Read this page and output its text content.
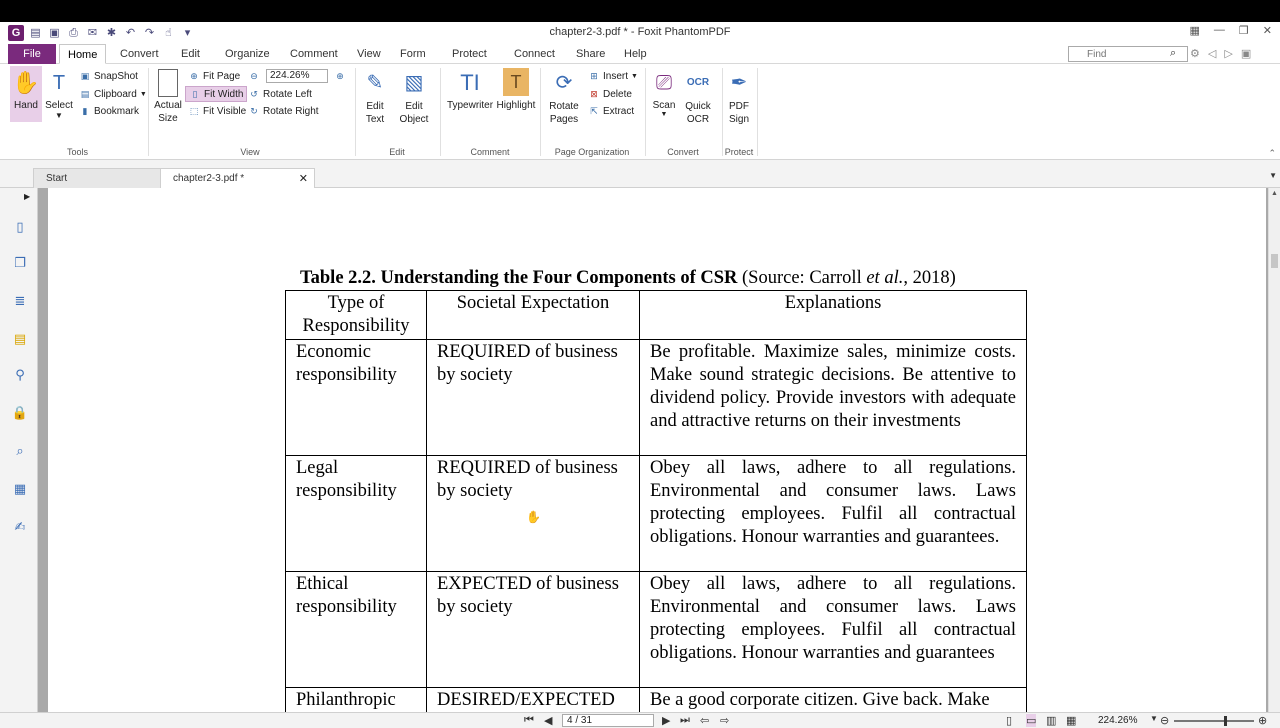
G ▤ ▣ ⎙ ✉ ✱ ↶ ↷	☝	▾	chapter2-3.pdf * - Foxit PhantomPDF	▦ — ❐ ✕
File	Home	Convert	Edit	Organize	Comment	View	Form	Protect	Connect	Share	Help
Find	⌕ ⚙ ◁ ▷ ▣
✋
Hand
T
Select
▼
▣ SnapShot
▤ Clipboard ▼
▮ Bookmark
Tools
Actual Size
⊕ Fit Page
▯ Fit Width
⬚ Fit Visible
⊖	224.26%	⊕
↺ Rotate Left
↻ Rotate Right
View
✎
Edit Text
▧
Edit Object
Edit
TI
Typewriter
T
Highlight
Comment
⟳
Rotate Pages
⊞ Insert ▼
⊠ Delete
⇱ Extract
Page Organization
⎚
Scan
▼
OCR
Quick OCR
Convert
✒
PDF Sign
Protect	⌃
Start	chapter2-3.pdf *	✕	▼
▶
▯
❐
≣
▤
⚲
🔒
⌕
▦
✍
Table 2.2. Understanding the Four Components of CSR (Source: Carroll et al., 2018)
Type of Responsibility	Societal Expectation	Explanations
Economic responsibility	REQUIRED of business by society	Be profitable. Maximize sales, minimize costs. Make sound strategic decisions. Be attentive to dividend policy. Provide investors with adequate and attractive returns on their investments
Legal responsibility	REQUIRED of business by society	Obey all laws, adhere to all regulations. Environmental and consumer laws. Laws protecting employees. Fulfil all contractual obligations. Honour warranties and guarantees.
Ethical responsibility	EXPECTED of business by society	Obey all laws, adhere to all regulations. Environmental and consumer laws. Laws protecting employees. Fulfil all contractual obligations. Honour warranties and guarantees
Philanthropic	DESIRED/EXPECTED	Be a good corporate citizen. Give back. Make
✋
▲
⏮ ◀	4 / 31	▶ ⏭ ⇦ ⇨	▯ ▭ ▥ ▦ 224.26% ▼ ⊖	⊕
